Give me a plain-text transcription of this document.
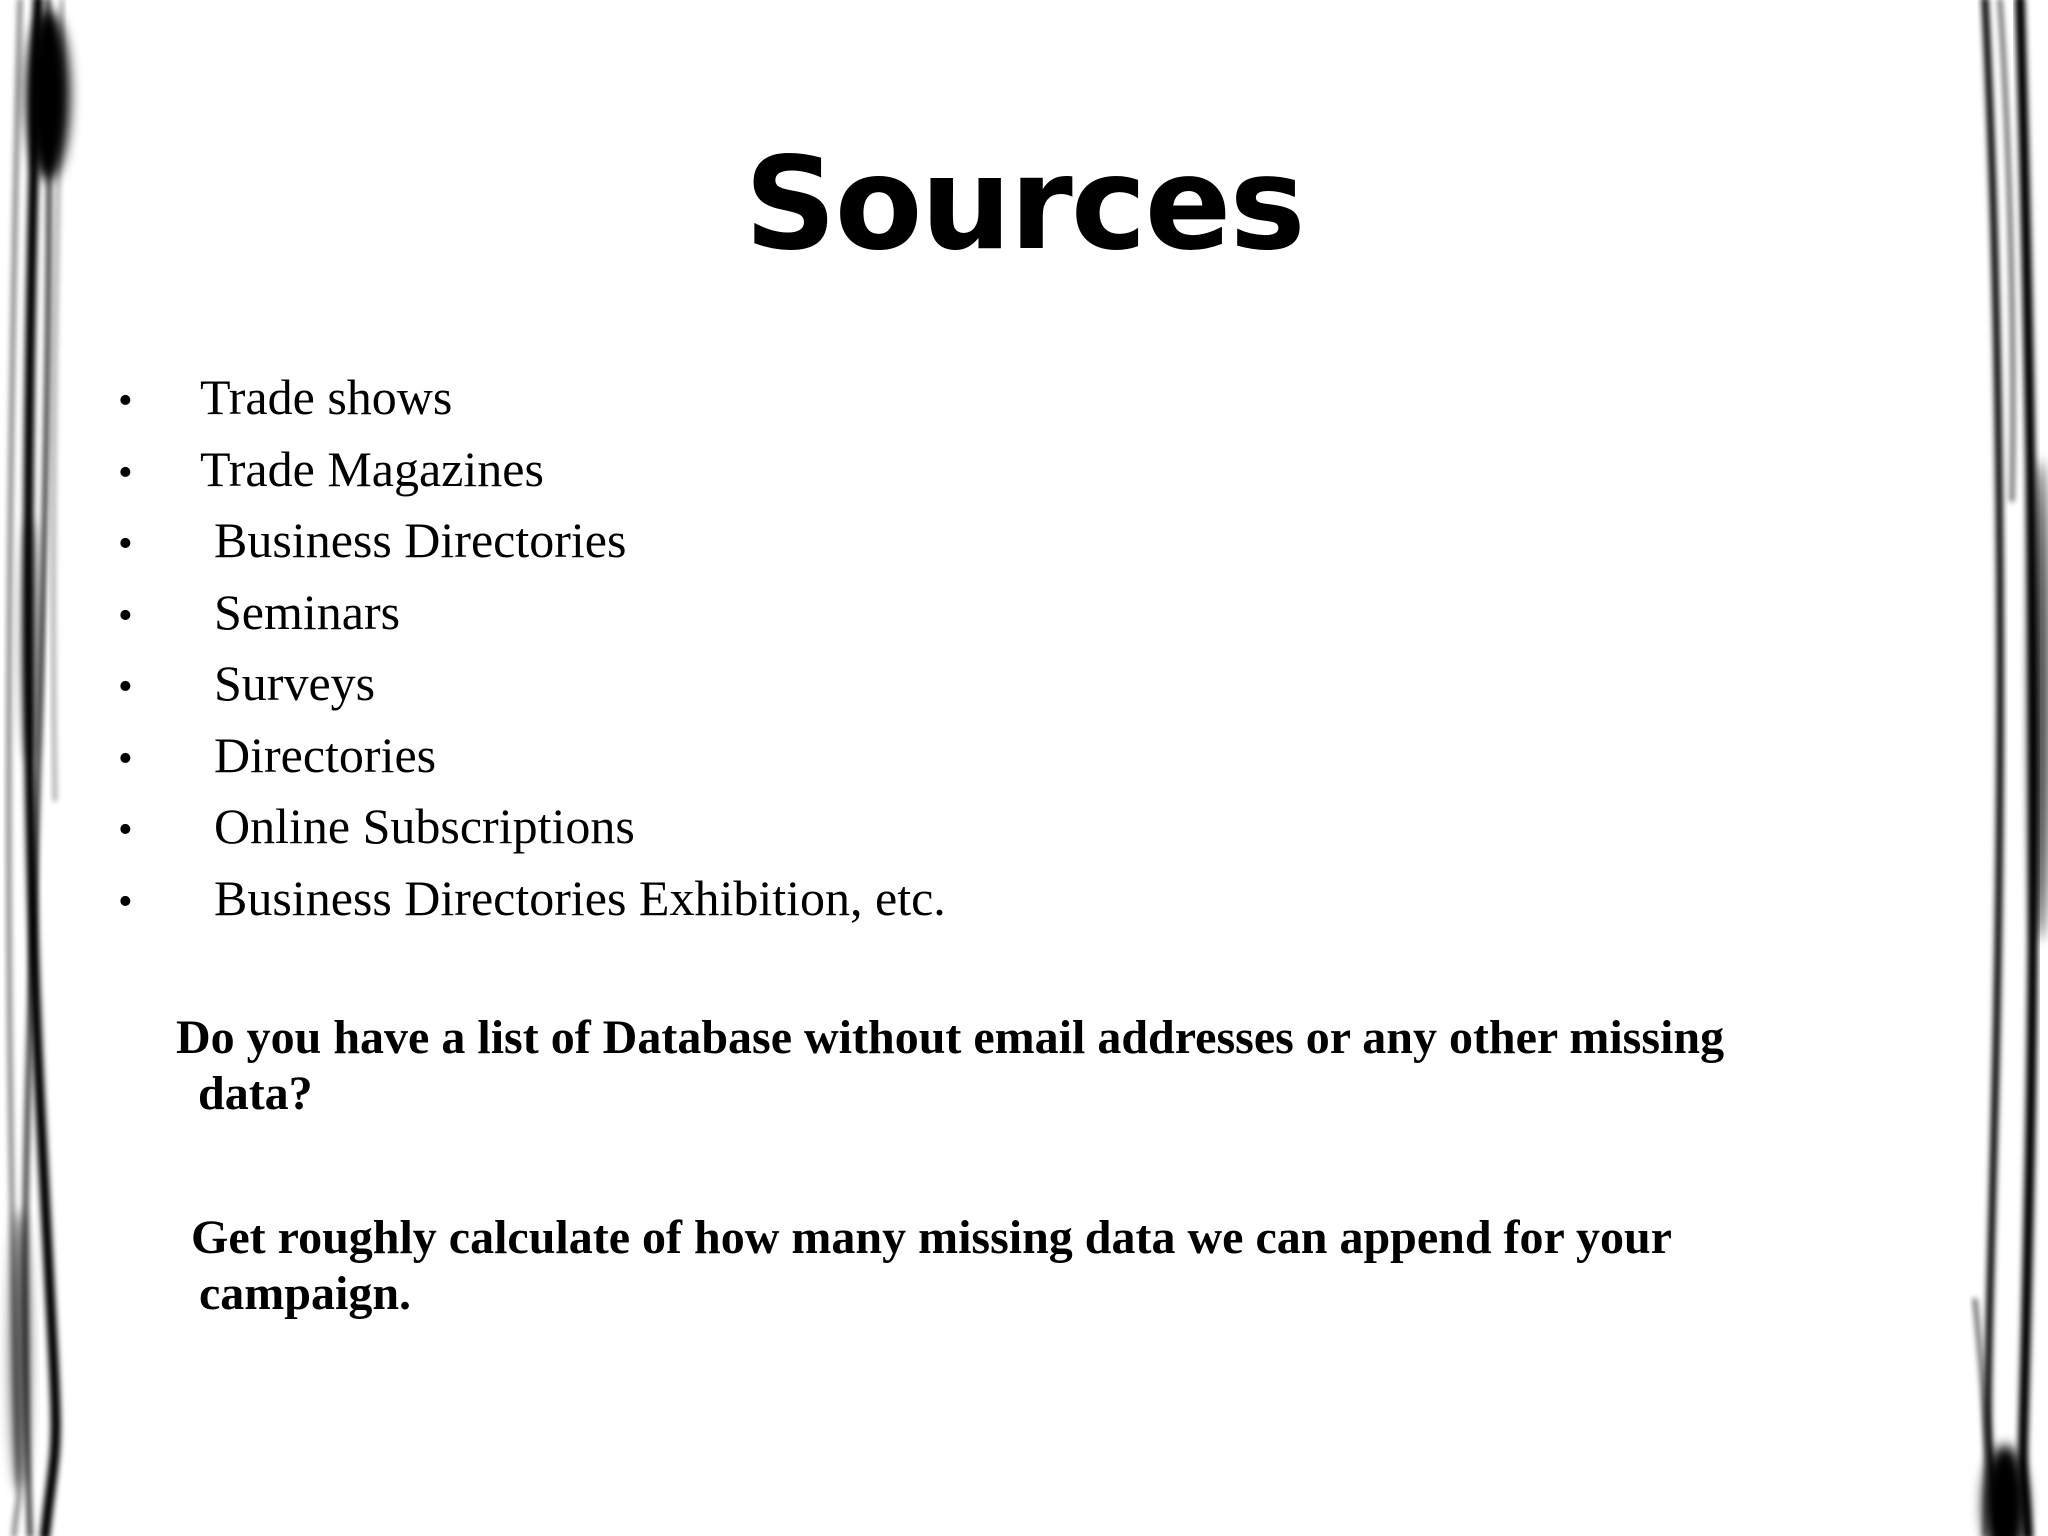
Sources
• Trade shows
• Trade Magazines
• Business Directories
• Seminars
• Surveys
• Directories
• Online Subscriptions
• Business Directories Exhibition, etc.
Do you have a list of Database without email addresses or any other missing
data?
Get roughly calculate of how many missing data we can append for your
campaign.
